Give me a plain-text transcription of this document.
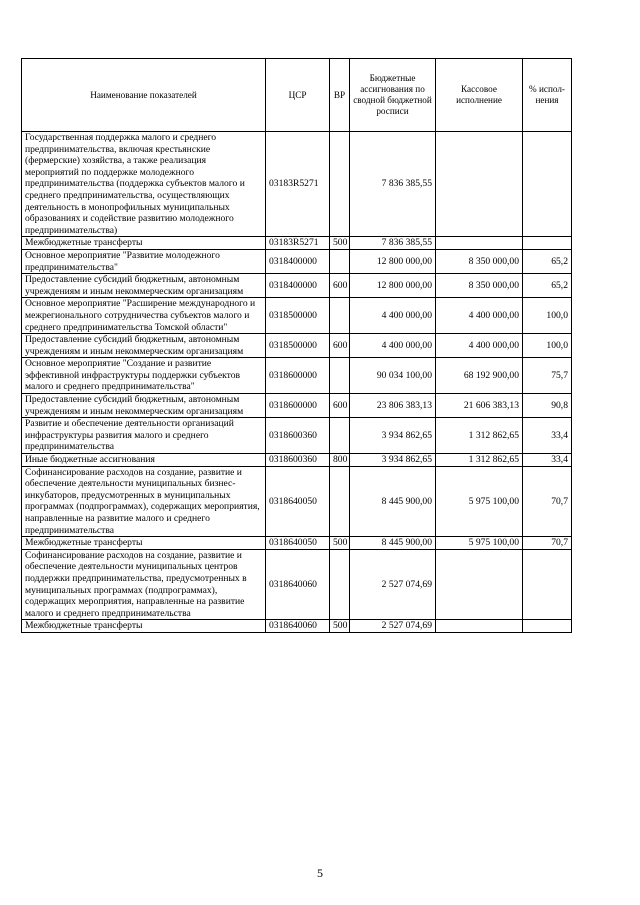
Наименование показателей	ЦСР	ВР	Бюджетные ассигнования по сводной бюджетной росписи	Кассовое исполнение	% испол-нения
Государственная поддержка малого и среднего предпринимательства, включая крестьянские (фермерские) хозяйства, а также реализация мероприятий по поддержке молодежного предпринимательства (поддержка субъектов малого и среднего предпринимательства, осуществляющих деятельность в монопрофильных муниципальных образованиях и содействие развитию молодежного предпринимательства)	03183R5271		7 836 385,55		
Межбюджетные трансферты	03183R5271	500	7 836 385,55		
Основное мероприятие "Развитие молодежного предпринимательства"	0318400000		12 800 000,00	8 350 000,00	65,2
Предоставление субсидий бюджетным, автономным учреждениям и иным некоммерческим организациям	0318400000	600	12 800 000,00	8 350 000,00	65,2
Основное мероприятие "Расширение международного и межрегионального сотрудничества субъектов малого и среднего предпринимательства Томской области"	0318500000		4 400 000,00	4 400 000,00	100,0
Предоставление субсидий бюджетным, автономным учреждениям и иным некоммерческим организациям	0318500000	600	4 400 000,00	4 400 000,00	100,0
Основное мероприятие "Создание и развитие эффективной инфраструктуры поддержки субъектов малого и среднего предпринимательства"	0318600000		90 034 100,00	68 192 900,00	75,7
Предоставление субсидий бюджетным, автономным учреждениям и иным некоммерческим организациям	0318600000	600	23 806 383,13	21 606 383,13	90,8
Развитие и обеспечение деятельности организаций инфраструктуры развития малого и среднего предпринимательства	0318600360		3 934 862,65	1 312 862,65	33,4
Иные бюджетные ассигнования	0318600360	800	3 934 862,65	1 312 862,65	33,4
Софинансирование расходов на создание, развитие и обеспечение деятельности муниципальных бизнес-инкубаторов, предусмотренных в муниципальных программах (подпрограммах), содержащих мероприятия, направленные на развитие малого и среднего предпринимательства	0318640050		8 445 900,00	5 975 100,00	70,7
Межбюджетные трансферты	0318640050	500	8 445 900,00	5 975 100,00	70,7
Софинансирование расходов на создание, развитие и обеспечение деятельности муниципальных центров поддержки предпринимательства, предусмотренных в муниципальных программах (подпрограммах), содержащих мероприятия, направленные на развитие малого и среднего предпринимательства	0318640060		2 527 074,69		
Межбюджетные трансферты	0318640060	500	2 527 074,69		
5
